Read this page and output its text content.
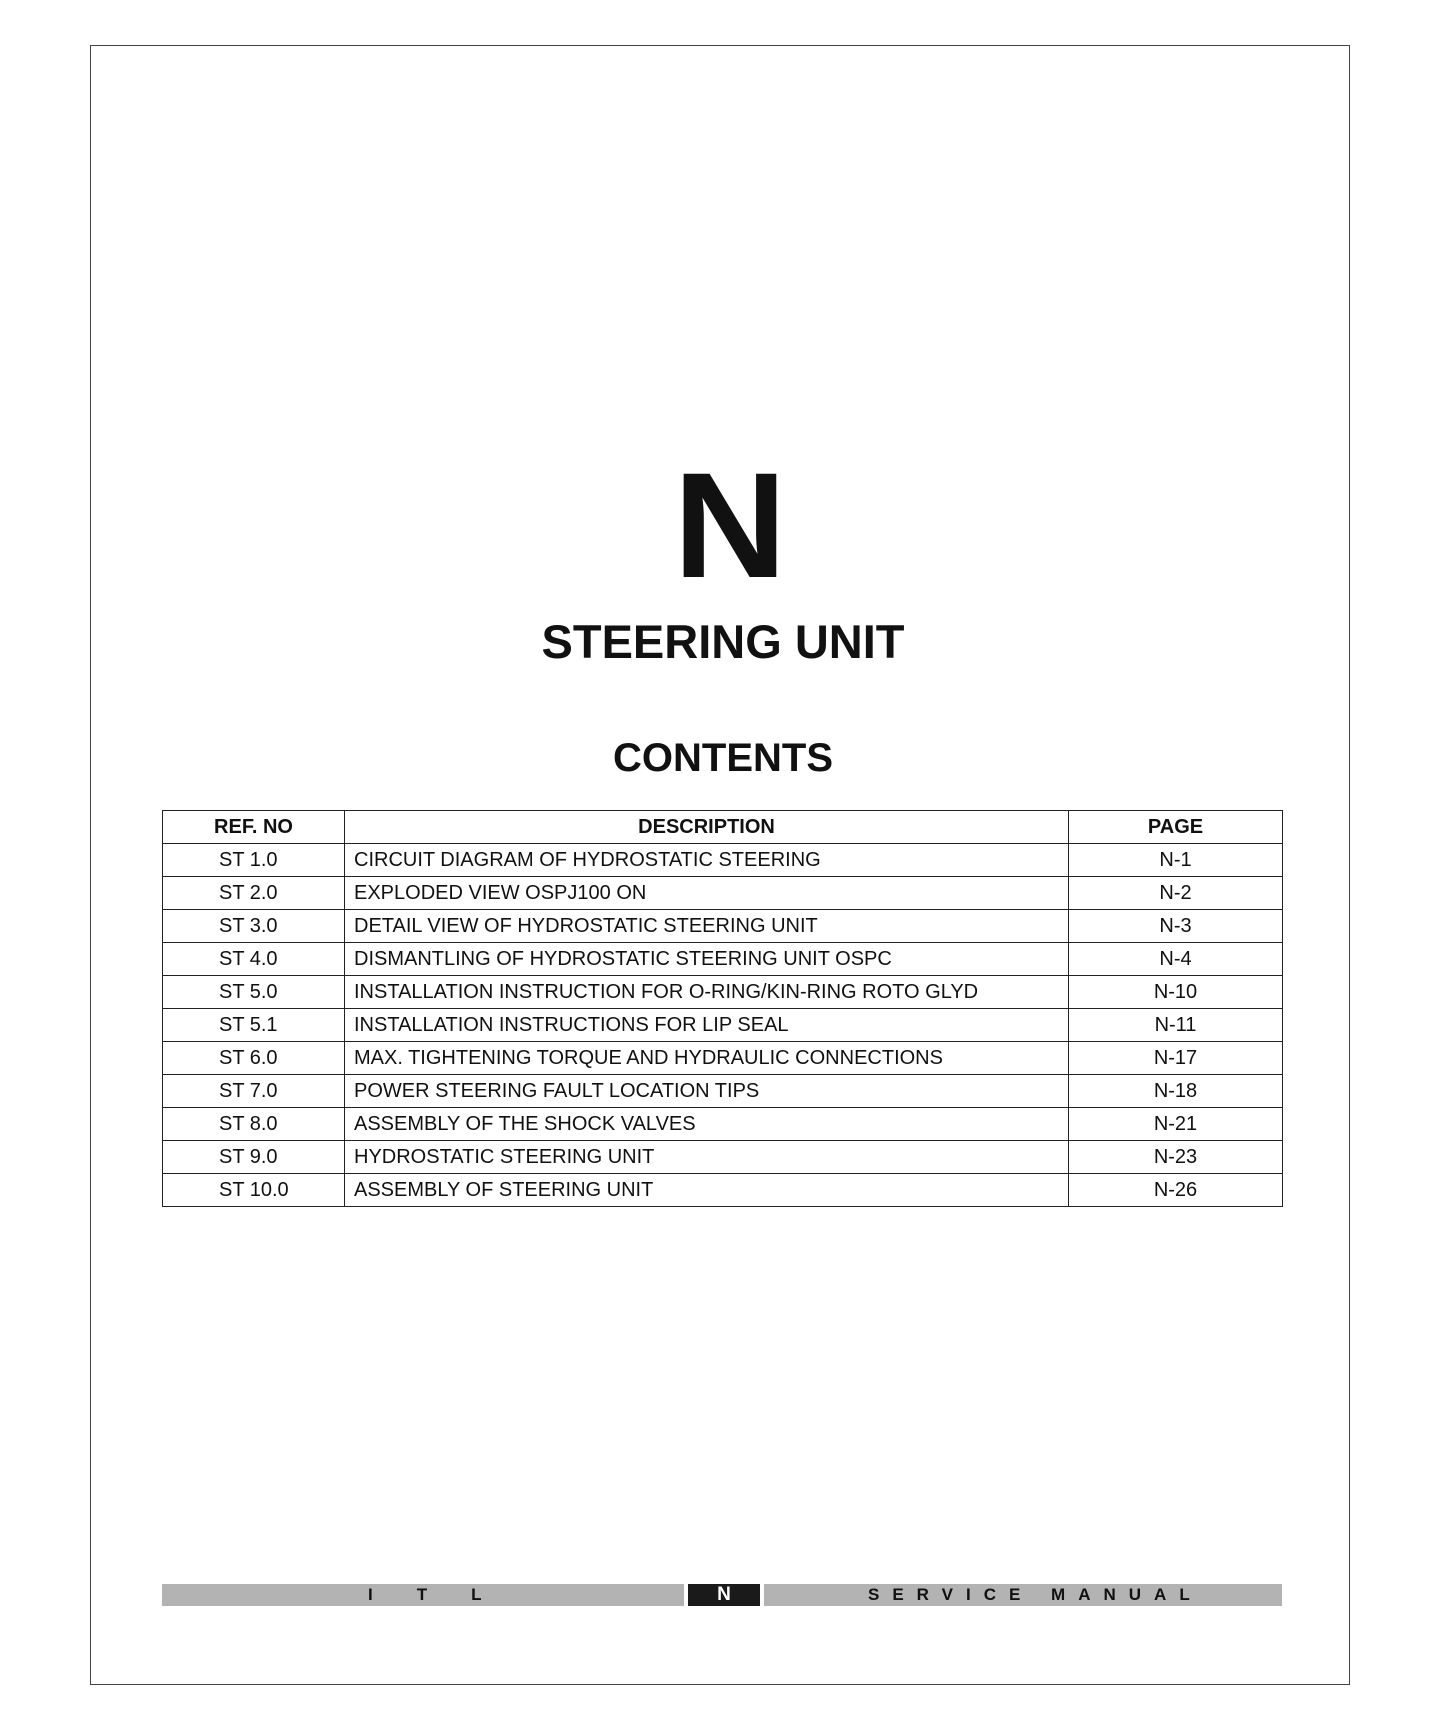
N
STEERING UNIT
CONTENTS
REF. NO	DESCRIPTION	PAGE
ST 1.0	CIRCUIT DIAGRAM OF HYDROSTATIC STEERING	N-1
ST 2.0	EXPLODED VIEW OSPJ100 ON	N-2
ST 3.0	DETAIL VIEW OF HYDROSTATIC STEERING UNIT	N-3
ST 4.0	DISMANTLING OF HYDROSTATIC STEERING UNIT OSPC	N-4
ST 5.0	INSTALLATION INSTRUCTION FOR O-RING/KIN-RING ROTO GLYD	N-10
ST 5.1	INSTALLATION INSTRUCTIONS FOR LIP SEAL	N-11
ST 6.0	MAX. TIGHTENING TORQUE AND HYDRAULIC CONNECTIONS	N-17
ST 7.0	POWER STEERING FAULT LOCATION TIPS	N-18
ST 8.0	ASSEMBLY OF THE SHOCK VALVES	N-21
ST 9.0	HYDROSTATIC STEERING UNIT	N-23
ST 10.0	ASSEMBLY OF STEERING UNIT	N-26
ITL	N	SERVICE MANUAL
